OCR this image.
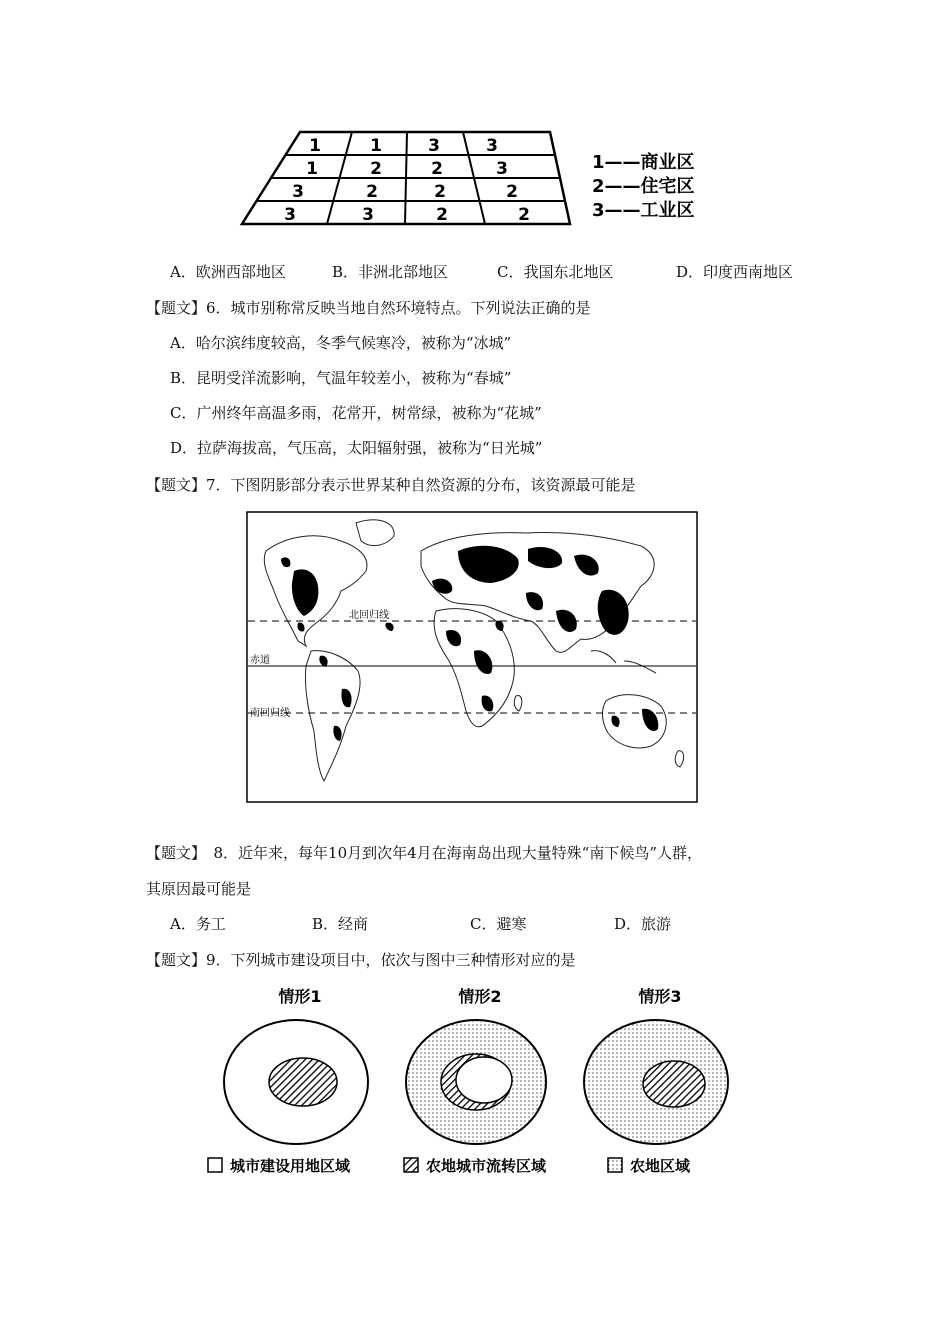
1	1	3	3
1	2	2	3
3	2	2	2
3	3	2	2
1——商业区
2——住宅区
3——工业区
A．欧洲西部地区	B．非洲北部地区	C．我国东北地区	D．印度西南地区
【题文】6．城市别称常反映当地自然环境特点。下列说法正确的是
A．哈尔滨纬度较高，冬季气候寒冷，被称为“冰城”
B．昆明受洋流影响，气温年较差小，被称为“春城”
C．广州终年高温多雨，花常开，树常绿，被称为“花城”
D．拉萨海拔高，气压高，太阳辐射强，被称为“日光城”
【题文】7．下图阴影部分表示世界某种自然资源的分布，该资源最可能是
北回归线
赤道
南回归线
【题文】　8．近年来，每年10月到次年4月在海南岛出现大量特殊“南下候鸟”人群，
其原因最可能是
A．务工	B．经商	C．避寒	D．旅游
【题文】9．下列城市建设项目中，依次与图中三种情形对应的是
情形1	情形2	情形3
城市建设用地区域	农地城市流转区域	农地区域
